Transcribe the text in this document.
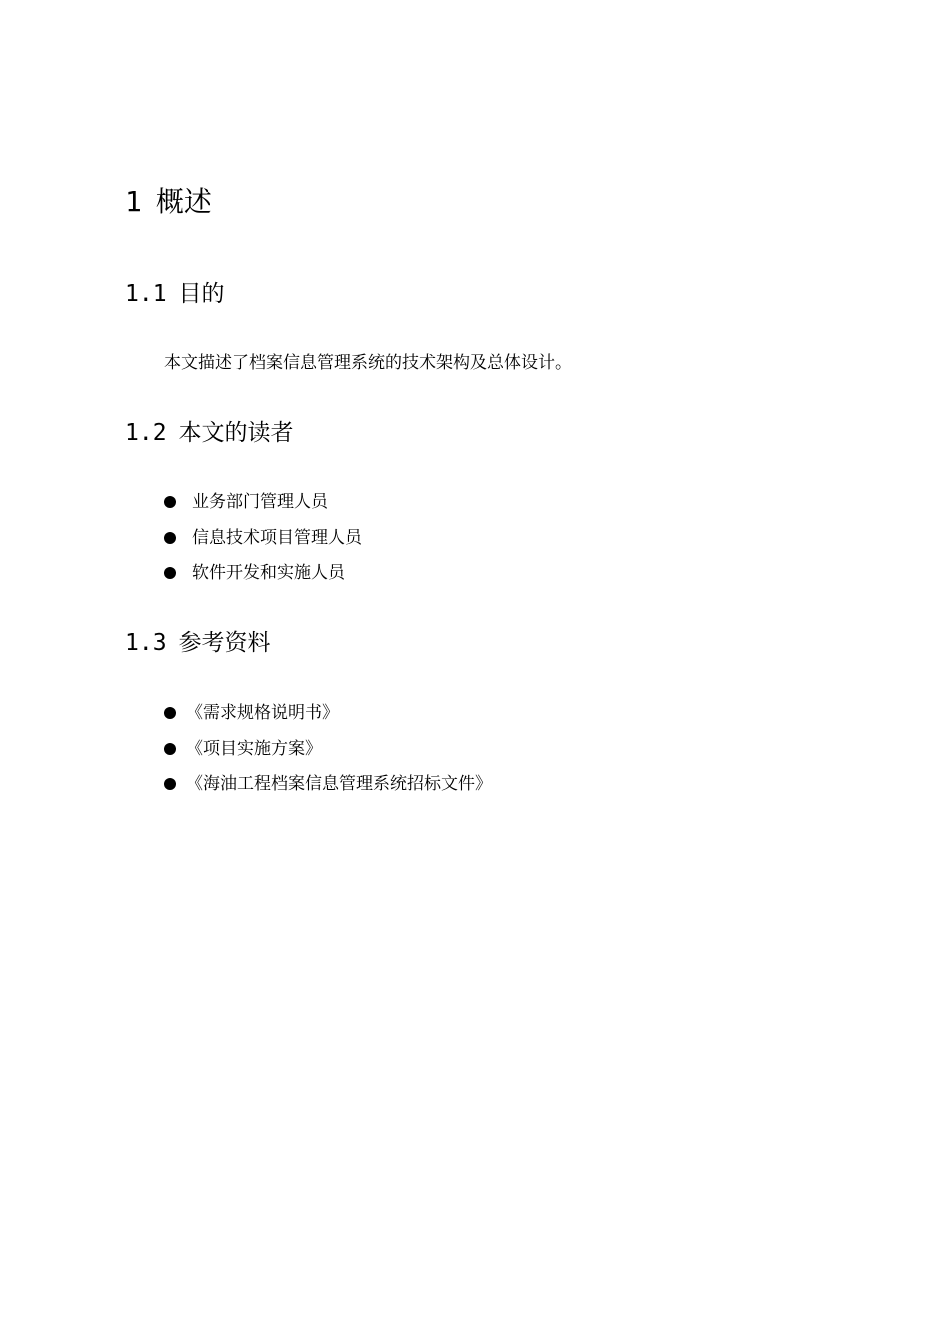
1 概述
1.1 目的
本文描述了档案信息管理系统的技术架构及总体设计。
1.2 本文的读者
业务部门管理人员
信息技术项目管理人员
软件开发和实施人员
1.3 参考资料
《需求规格说明书》
《项目实施方案》
《海油工程档案信息管理系统招标文件》
